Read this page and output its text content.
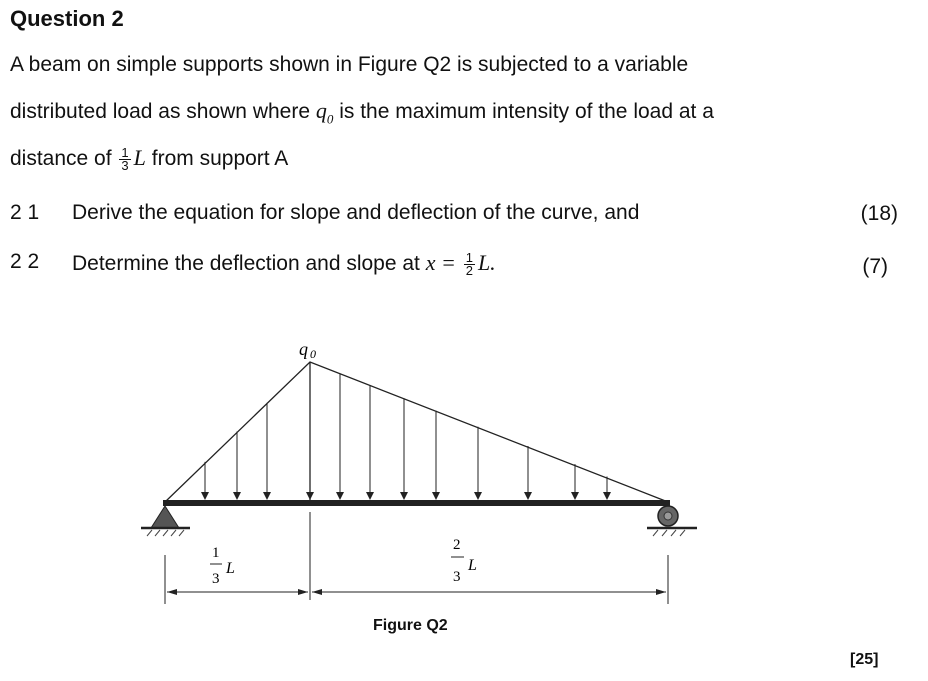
Question 2
A beam on simple supports shown in Figure Q2 is subjected to a variable
distributed load as shown where $q_0$ is the maximum intensity of the load at a
distance of $\frac{1}{3}$ L from support A
2 1 Derive the equation for slope and deflection of the curve, and	(18)
2 2 Determine the deflection and slope at $x = \frac{1}{2} L$.	(7)
q 0
1
3
L
2
3
L
Figure Q2
[25]
